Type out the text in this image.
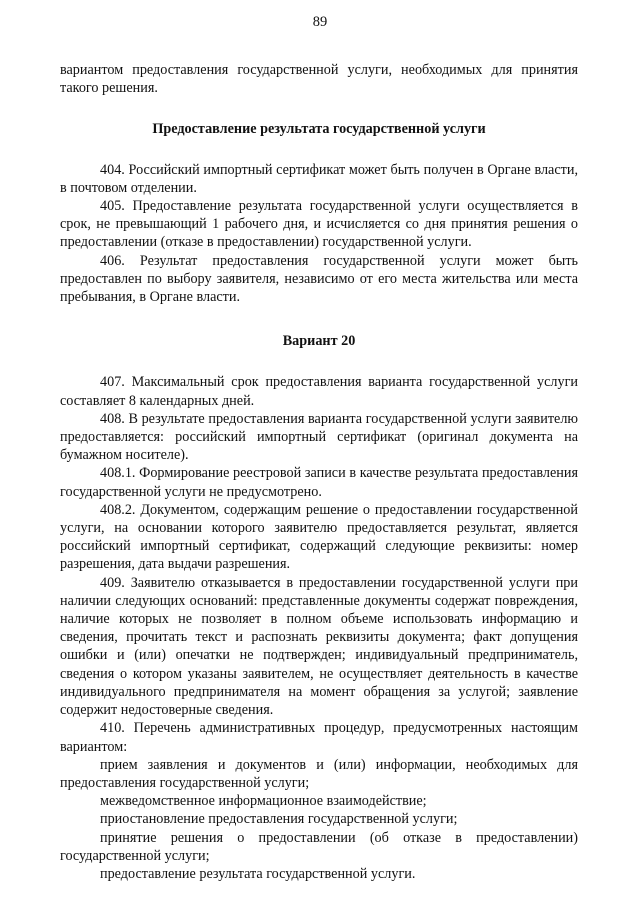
89

вариантом предоставления государственной услуги, необходимых для принятия такого решения.

Предоставление результата государственной услуги

404. Российский импортный сертификат может быть получен в Органе власти, в почтовом отделении.

405. Предоставление результата государственной услуги осуществляется в срок, не превышающий 1 рабочего дня, и исчисляется со дня принятия решения о предоставлении (отказе в предоставлении) государственной услуги.

406. Результат предоставления государственной услуги может быть предоставлен по выбору заявителя, независимо от его места жительства или места пребывания, в Органе власти.

Вариант 20

407. Максимальный срок предоставления варианта государственной услуги составляет 8 календарных дней.

408. В результате предоставления варианта государственной услуги заявителю предоставляется: российский импортный сертификат (оригинал документа на бумажном носителе).

408.1. Формирование реестровой записи в качестве результата предоставления государственной услуги не предусмотрено.

408.2. Документом, содержащим решение о предоставлении государственной услуги, на основании которого заявителю предоставляется результат, является российский импортный сертификат, содержащий следующие реквизиты: номер разрешения, дата выдачи разрешения.

409. Заявителю отказывается в предоставлении государственной услуги при наличии следующих оснований: представленные документы содержат повреждения, наличие которых не позволяет в полном объеме использовать информацию и сведения, прочитать текст и распознать реквизиты документа; факт допущения ошибки и (или) опечатки не подтвержден; индивидуальный предприниматель, сведения о котором указаны заявителем, не осуществляет деятельность в качестве индивидуального предпринимателя на момент обращения за услугой; заявление содержит недостоверные сведения.

410. Перечень административных процедур, предусмотренных настоящим вариантом:

прием заявления и документов и (или) информации, необходимых для предоставления государственной услуги;

межведомственное информационное взаимодействие;

приостановление предоставления государственной услуги;

принятие решения о предоставлении (об отказе в предоставлении) государственной услуги;

предоставление результата государственной услуги.
